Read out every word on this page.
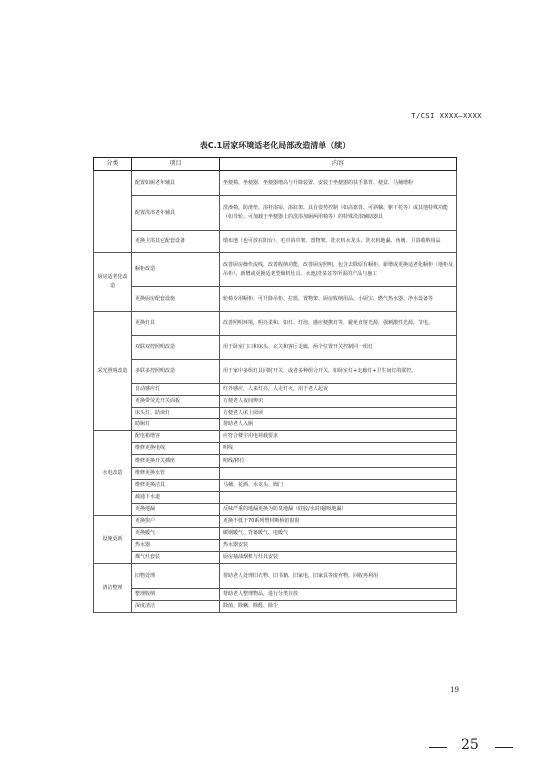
T/CSI XXXX—XXXX
表C.1居家环境适老化局部改造清单（续）
分类	项目	内容
	配置如厕老年辅具	坐便椅、坐便器、坐便器增高与升降装置、安装于坐便器的扶手靠背、便盆、马桶增粉
	配置洗浴老年辅具	洗澡椅、防滑垫、浴杆浴帘、浴缸架、具有姿势控制（如高靠背、可斜躺、躯干托等）或其他特殊功能（如导轮、可加载于坐便器上的洗浴加厕两用椅等）的特殊洗浴辅助器具
	更换卫浴其它配套设备	墩布池（也可放在阳台）、毛巾浴巾架、置物架、洗衣机水龙头、洗衣机地漏、角阀、卫浴收纳用品
厨房适老化改造	橱柜改造	改善厨房操作流线，改善收纳功能，改善厨房照明，包含去除原有橱柜、新增或更换适老化橱柜（地柜及吊柜）、新增或更换适老型烟机灶具、水池/洗菜盆等所需的产品与施工
	更换厨房配套设施	轮椅专用橱柜、可升降吊柜、拉篮、置物架、厨房收纳用品、小厨宝、燃气热水器、净水设备等
采光照明改造	更换灯具	改善照明环境，明亮柔和，如灯、灯泡、感应便携灯等，避免直射光源，强刺激性光源，节电。
	双联双控照明改造	用于卧室门口和床头、玄关和客厅走廊，两个位置开关控制同一组灯
	多联多控照明改造	用于家中多组灯具同时开关，或者多种组合开关，如卧室灯+走廊灯+卫生间灯的联控。
	自动感应灯	红外感应，人来灯亮，人走灯灭，用于老人起夜
	更换带荧光开关面板	方便老人夜间辨识
	床头灯、助读灯	方便老人床上阅读
	助厕灯	帮助老人入厕
水电改造	配电箱增容	应符合楼宇用电荷载要求
	维修更换电线	明线
	维修更换开关插座	明线/移位
	维修更换水管	
	维修更换洁具	马桶、花洒、水龙头、阀门
	疏通下水道	
	更换地漏	反味严重的地漏更换为防臭地漏（硅胶/水封/磁吸地漏）
设施更新	更换窗户	更换不低于70系列塑材断桥铝窗窗
	更换暖气	碳钢暖气、背篓暖气、电暖气
	热水器	热水器安装
	煤气灶套装	厨房抽油烟机与灶具安装
清洁整理	旧物处理	帮助老人处理旧衣物、旧书籍、旧家电、旧家具等废弃物，回收再利用
	整理收纳	帮助老人整理物品，进行分类存放
	深度清洁	除菌、除螨、除醛、除尘
19
25
